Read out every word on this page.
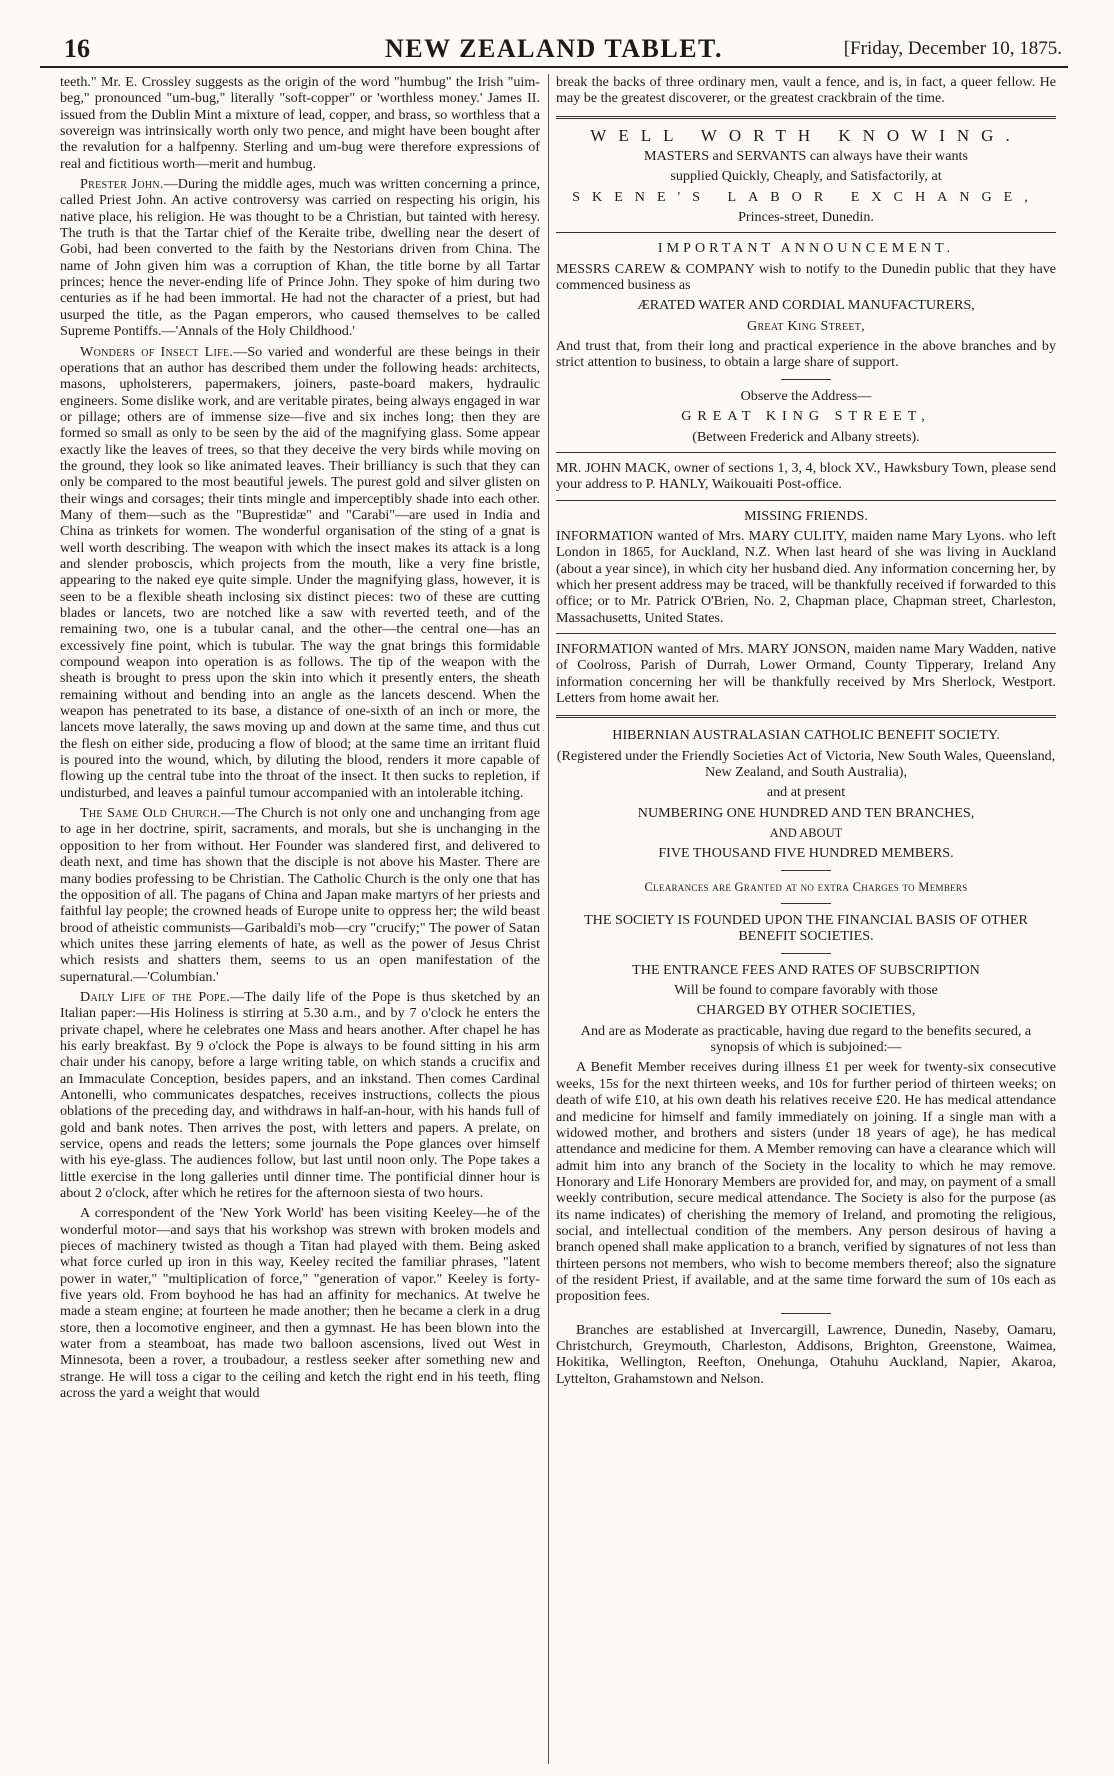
16	NEW ZEALAND TABLET.	[Friday, December 10, 1875.

teeth." Mr. E. Crossley suggests as the origin of the word "humbug" the Irish "uim-beg," pronounced "um-bug," literally "soft-copper" or 'worthless money.' James II. issued from the Dublin Mint a mixture of lead, copper, and brass, so worthless that a sovereign was intrinsically worth only two pence, and might have been bought after the revalution for a halfpenny. Sterling and um-bug were therefore expressions of real and fictitious worth—merit and humbug.

Prester John.—During the middle ages, much was written concerning a prince, called Priest John. An active controversy was carried on respecting his origin, his native place, his religion. He was thought to be a Christian, but tainted with heresy. The truth is that the Tartar chief of the Keraite tribe, dwelling near the desert of Gobi, had been converted to the faith by the Nestorians driven from China. The name of John given him was a corruption of Khan, the title borne by all Tartar princes; hence the never-ending life of Prince John. They spoke of him during two centuries as if he had been immortal. He had not the character of a priest, but had usurped the title, as the Pagan emperors, who caused themselves to be called Supreme Pontiffs.—'Annals of the Holy Childhood.'

Wonders of Insect Life.—So varied and wonderful are these beings in their operations that an author has described them under the following heads: architects, masons, upholsterers, papermakers, joiners, paste-board makers, hydraulic engineers. Some dislike work, and are veritable pirates, being always engaged in war or pillage; others are of immense size—five and six inches long; then they are formed so small as only to be seen by the aid of the magnifying glass. Some appear exactly like the leaves of trees, so that they deceive the very birds while moving on the ground, they look so like animated leaves. Their brilliancy is such that they can only be compared to the most beautiful jewels. The purest gold and silver glisten on their wings and corsages; their tints mingle and imperceptibly shade into each other. Many of them—such as the "Buprestidæ" and "Carabi"—are used in India and China as trinkets for women. The wonderful organisation of the sting of a gnat is well worth describing. The weapon with which the insect makes its attack is a long and slender proboscis, which projects from the mouth, like a very fine bristle, appearing to the naked eye quite simple. Under the magnifying glass, however, it is seen to be a flexible sheath inclosing six distinct pieces: two of these are cutting blades or lancets, two are notched like a saw with reverted teeth, and of the remaining two, one is a tubular canal, and the other—the central one—has an excessively fine point, which is tubular. The way the gnat brings this formidable compound weapon into operation is as follows. The tip of the weapon with the sheath is brought to press upon the skin into which it presently enters, the sheath remaining without and bending into an angle as the lancets descend. When the weapon has penetrated to its base, a distance of one-sixth of an inch or more, the lancets move laterally, the saws moving up and down at the same time, and thus cut the flesh on either side, producing a flow of blood; at the same time an irritant fluid is poured into the wound, which, by diluting the blood, renders it more capable of flowing up the central tube into the throat of the insect. It then sucks to repletion, if undisturbed, and leaves a painful tumour accompanied with an intolerable itching.

The Same Old Church.—The Church is not only one and unchanging from age to age in her doctrine, spirit, sacraments, and morals, but she is unchanging in the opposition to her from without. Her Founder was slandered first, and delivered to death next, and time has shown that the disciple is not above his Master. There are many bodies professing to be Christian. The Catholic Church is the only one that has the opposition of all. The pagans of China and Japan make martyrs of her priests and faithful lay people; the crowned heads of Europe unite to oppress her; the wild beast brood of atheistic communists—Garibaldi's mob—cry "crucify;" The power of Satan which unites these jarring elements of hate, as well as the power of Jesus Christ which resists and shatters them, seems to us an open manifestation of the supernatural.—'Columbian.'

Daily Life of the Pope.—The daily life of the Pope is thus sketched by an Italian paper:—His Holiness is stirring at 5.30 a.m., and by 7 o'clock he enters the private chapel, where he celebrates one Mass and hears another. After chapel he has his early breakfast. By 9 o'clock the Pope is always to be found sitting in his arm chair under his canopy, before a large writing table, on which stands a crucifix and an Immaculate Conception, besides papers, and an inkstand. Then comes Cardinal Antonelli, who communicates despatches, receives instructions, collects the pious oblations of the preceding day, and withdraws in half-an-hour, with his hands full of gold and bank notes. Then arrives the post, with letters and papers. A prelate, on service, opens and reads the letters; some journals the Pope glances over himself with his eye-glass. The audiences follow, but last until noon only. The Pope takes a little exercise in the long galleries until dinner time. The pontificial dinner hour is about 2 o'clock, after which he retires for the afternoon siesta of two hours.

A correspondent of the 'New York World' has been visiting Keeley—he of the wonderful motor—and says that his workshop was strewn with broken models and pieces of machinery twisted as though a Titan had played with them. Being asked what force curled up iron in this way, Keeley recited the familiar phrases, "latent power in water," "multiplication of force," "generation of vapor." Keeley is forty-five years old. From boyhood he has had an affinity for mechanics. At twelve he made a steam engine; at fourteen he made another; then he became a clerk in a drug store, then a locomotive engineer, and then a gymnast. He has been blown into the water from a steamboat, has made two balloon ascensions, lived out West in Minnesota, been a rover, a troubadour, a restless seeker after something new and strange. He will toss a cigar to the ceiling and ketch the right end in his teeth, fling across the yard a weight that would

break the backs of three ordinary men, vault a fence, and is, in fact, a queer fellow. He may be the greatest discoverer, or the greatest crackbrain of the time.

WELL WORTH KNOWING.

MASTERS and SERVANTS can always have their wants

supplied Quickly, Cheaply, and Satisfactorily, at

SKENE'S LABOR EXCHANGE,

Princes-street, Dunedin.

IMPORTANT ANNOUNCEMENT.

MESSRS CAREW & COMPANY wish to notify to the Dunedin public that they have commenced business as

ÆRATED WATER AND CORDIAL MANUFACTURERS,

Great King Street,

And trust that, from their long and practical experience in the above branches and by strict attention to business, to obtain a large share of support.

Observe the Address—

GREAT KING STREET,

(Between Frederick and Albany streets).

MR. JOHN MACK, owner of sections 1, 3, 4, block XV., Hawksbury Town, please send your address to P. HANLY, Waikouaiti Post-office.

MISSING FRIENDS.

INFORMATION wanted of Mrs. MARY CULITY, maiden name Mary Lyons. who left London in 1865, for Auckland, N.Z. When last heard of she was living in Auckland (about a year since), in which city her husband died. Any information concerning her, by which her present address may be traced, will be thankfully received if forwarded to this office; or to Mr. Patrick O'Brien, No. 2, Chapman place, Chapman street, Charleston, Massachusetts, United States.

INFORMATION wanted of Mrs. MARY JONSON, maiden name Mary Wadden, native of Coolross, Parish of Durrah, Lower Ormand, County Tipperary, Ireland Any information concerning her will be thankfully received by Mrs Sherlock, Westport. Letters from home await her.

HIBERNIAN AUSTRALASIAN CATHOLIC BENEFIT SOCIETY.

(Registered under the Friendly Societies Act of Victoria, New South Wales, Queensland, New Zealand, and South Australia),

and at present

NUMBERING ONE HUNDRED AND TEN BRANCHES,

AND ABOUT

FIVE THOUSAND FIVE HUNDRED MEMBERS.

Clearances are Granted at no extra Charges to Members

THE SOCIETY IS FOUNDED UPON THE FINANCIAL BASIS OF OTHER BENEFIT SOCIETIES.

THE ENTRANCE FEES AND RATES OF SUBSCRIPTION

Will be found to compare favorably with those

CHARGED BY OTHER SOCIETIES,

And are as Moderate as practicable, having due regard to the benefits secured, a synopsis of which is subjoined:—

A Benefit Member receives during illness £1 per week for twenty-six consecutive weeks, 15s for the next thirteen weeks, and 10s for further period of thirteen weeks; on death of wife £10, at his own death his relatives receive £20. He has medical attendance and medicine for himself and family immediately on joining. If a single man with a widowed mother, and brothers and sisters (under 18 years of age), he has medical attendance and medicine for them. A Member removing can have a clearance which will admit him into any branch of the Society in the locality to which he may remove. Honorary and Life Honorary Members are provided for, and may, on payment of a small weekly contribution, secure medical attendance. The Society is also for the purpose (as its name indicates) of cherishing the memory of Ireland, and promoting the religious, social, and intellectual condition of the members. Any person desirous of having a branch opened shall make application to a branch, verified by signatures of not less than thirteen persons not members, who wish to become members thereof; also the signature of the resident Priest, if available, and at the same time forward the sum of 10s each as proposition fees.

Branches are established at Invercargill, Lawrence, Dunedin, Naseby, Oamaru, Christchurch, Greymouth, Charleston, Addisons, Brighton, Greenstone, Waimea, Hokitika, Wellington, Reefton, Onehunga, Otahuhu Auckland, Napier, Akaroa, Lyttelton, Grahamstown and Nelson.
